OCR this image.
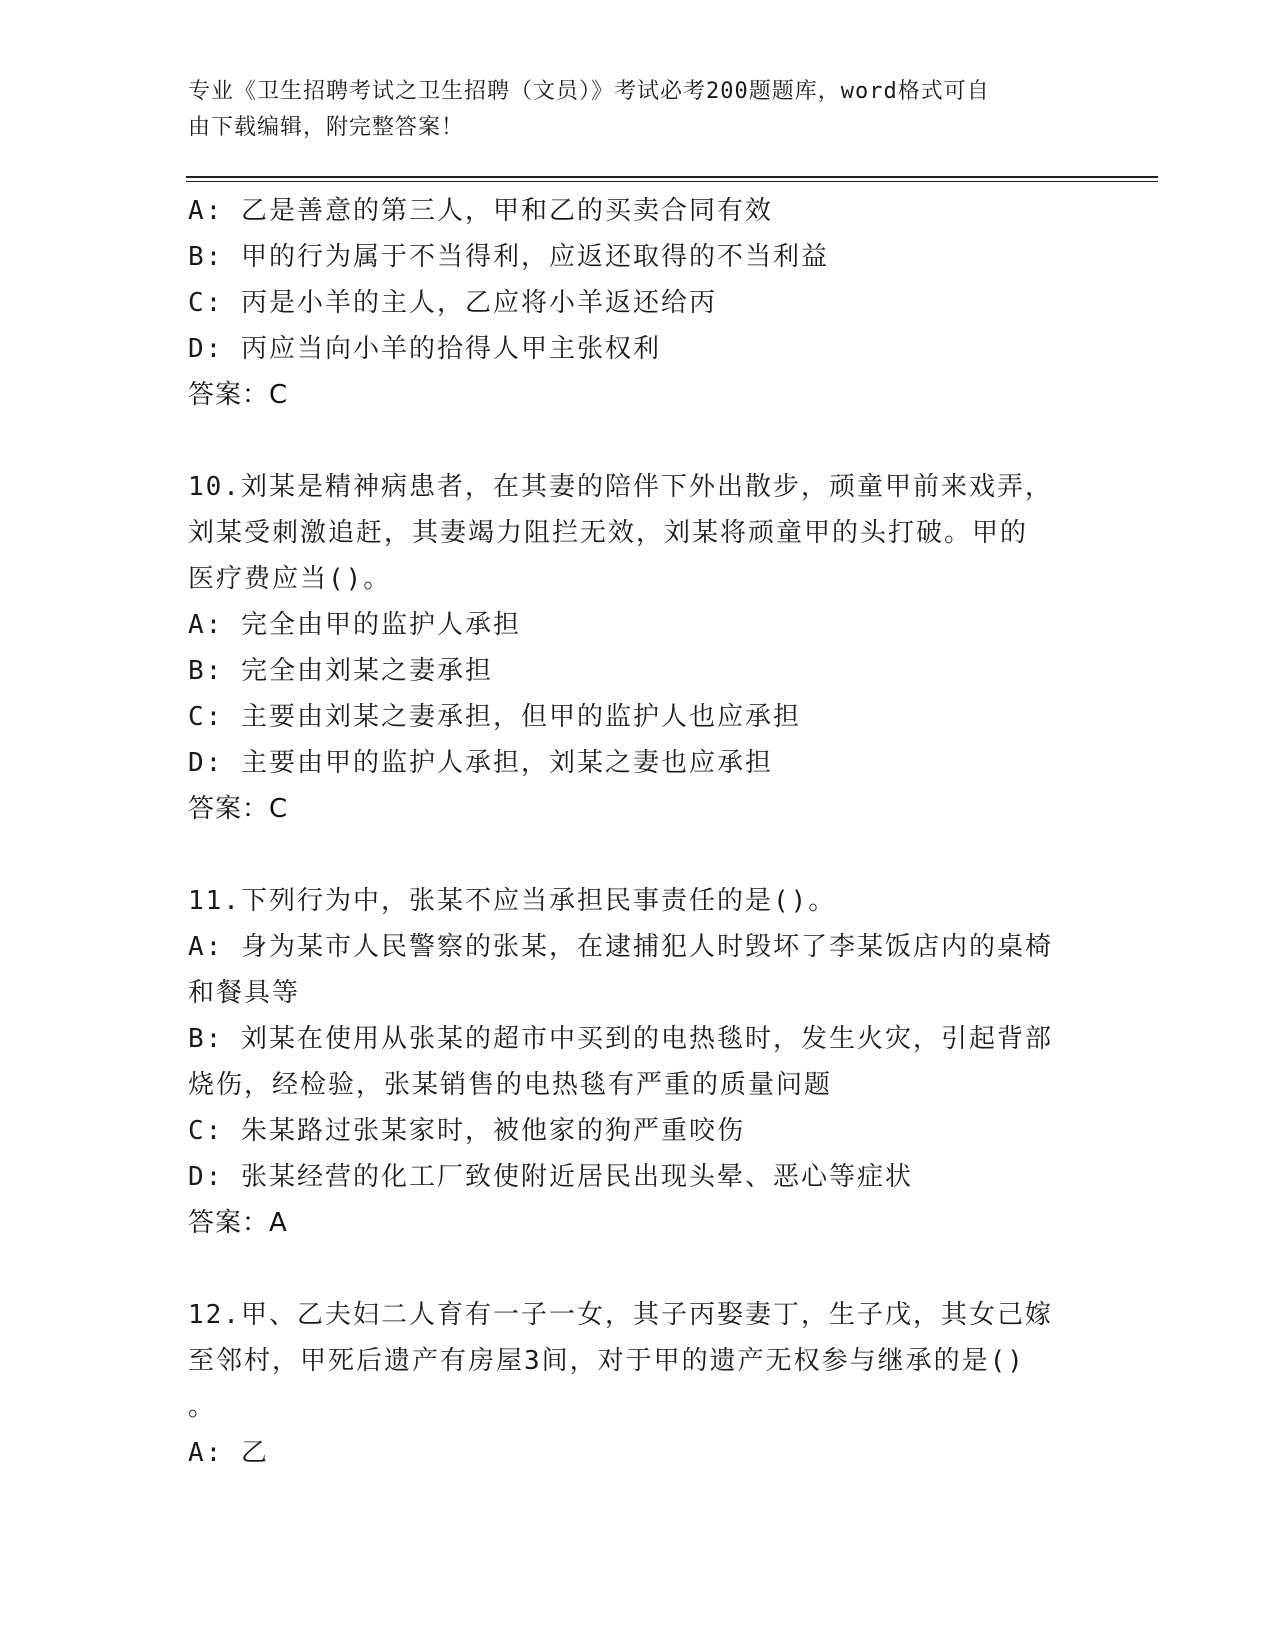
专业《卫生招聘考试之卫生招聘（文员）》考试必考200题题库，word格式可自
由下载编辑，附完整答案！
A: 乙是善意的第三人，甲和乙的买卖合同有效
B: 甲的行为属于不当得利，应返还取得的不当利益
C: 丙是小羊的主人，乙应将小羊返还给丙
D: 丙应当向小羊的拾得人甲主张权利
答案：C
10.刘某是精神病患者，在其妻的陪伴下外出散步，顽童甲前来戏弄，
刘某受刺激追赶，其妻竭力阻拦无效，刘某将顽童甲的头打破。甲的
医疗费应当()。
A: 完全由甲的监护人承担
B: 完全由刘某之妻承担
C: 主要由刘某之妻承担，但甲的监护人也应承担
D: 主要由甲的监护人承担，刘某之妻也应承担
答案：C
11.下列行为中，张某不应当承担民事责任的是()。
A: 身为某市人民警察的张某，在逮捕犯人时毁坏了李某饭店内的桌椅
和餐具等
B: 刘某在使用从张某的超市中买到的电热毯时，发生火灾，引起背部
烧伤，经检验，张某销售的电热毯有严重的质量问题
C: 朱某路过张某家时，被他家的狗严重咬伤
D: 张某经营的化工厂致使附近居民出现头晕、恶心等症状
答案：A
12.甲、乙夫妇二人育有一子一女，其子丙娶妻丁，生子戊，其女己嫁
至邻村，甲死后遗产有房屋3间，对于甲的遗产无权参与继承的是()
。
A: 乙
